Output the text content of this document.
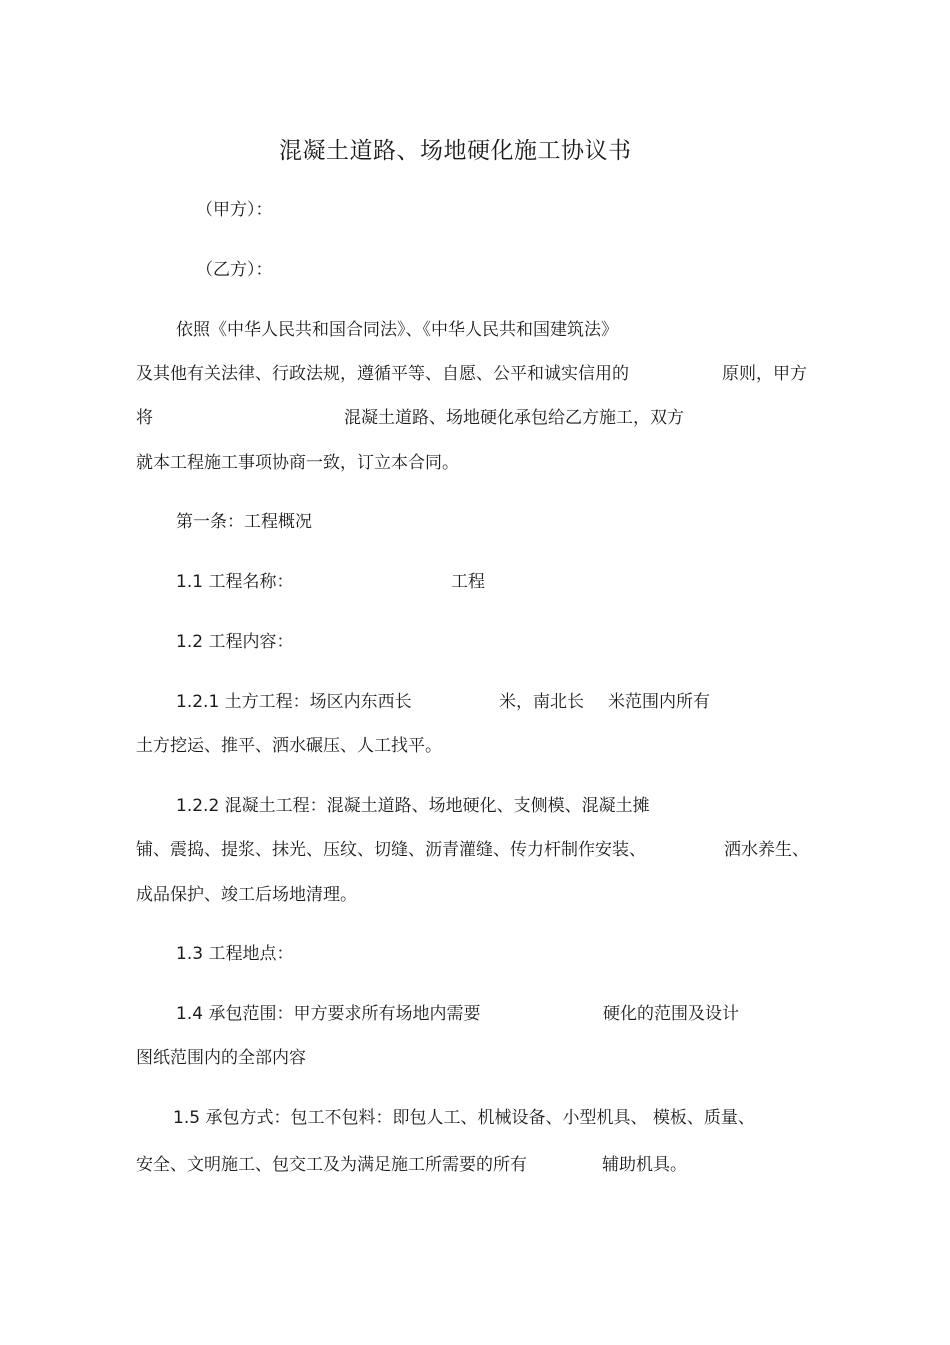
混凝土道路、场地硬化施工协议书
（甲方）：
（乙方）：
依照《中华人民共和国合同法》、《中华人民共和国建筑法》
及其他有关法律、行政法规，遵循平等、自愿、公平和诚实信用的	原则，甲方
将	混凝土道路、场地硬化承包给乙方施工，双方
就本工程施工事项协商一致，订立本合同。
第一条：工程概况
1.1 工程名称：	工程
1.2 工程内容：
1.2.1 土方工程：场区内东西长	米，南北长 米范围内所有
土方挖运、推平、洒水碾压、人工找平。
1.2.2 混凝土工程：混凝土道路、场地硬化、支侧模、混凝土摊
铺、震捣、提浆、抹光、压纹、切缝、沥青灌缝、传力杆制作安装、	洒水养生、
成品保护、竣工后场地清理。
1.3 工程地点：
1.4 承包范围：甲方要求所有场地内需要	硬化的范围及设计
图纸范围内的全部内容
1.5 承包方式：包工不包料：即包人工、机械设备、小型机具、 模板、质量、
安全、文明施工、包交工及为满足施工所需要的所有	辅助机具。
